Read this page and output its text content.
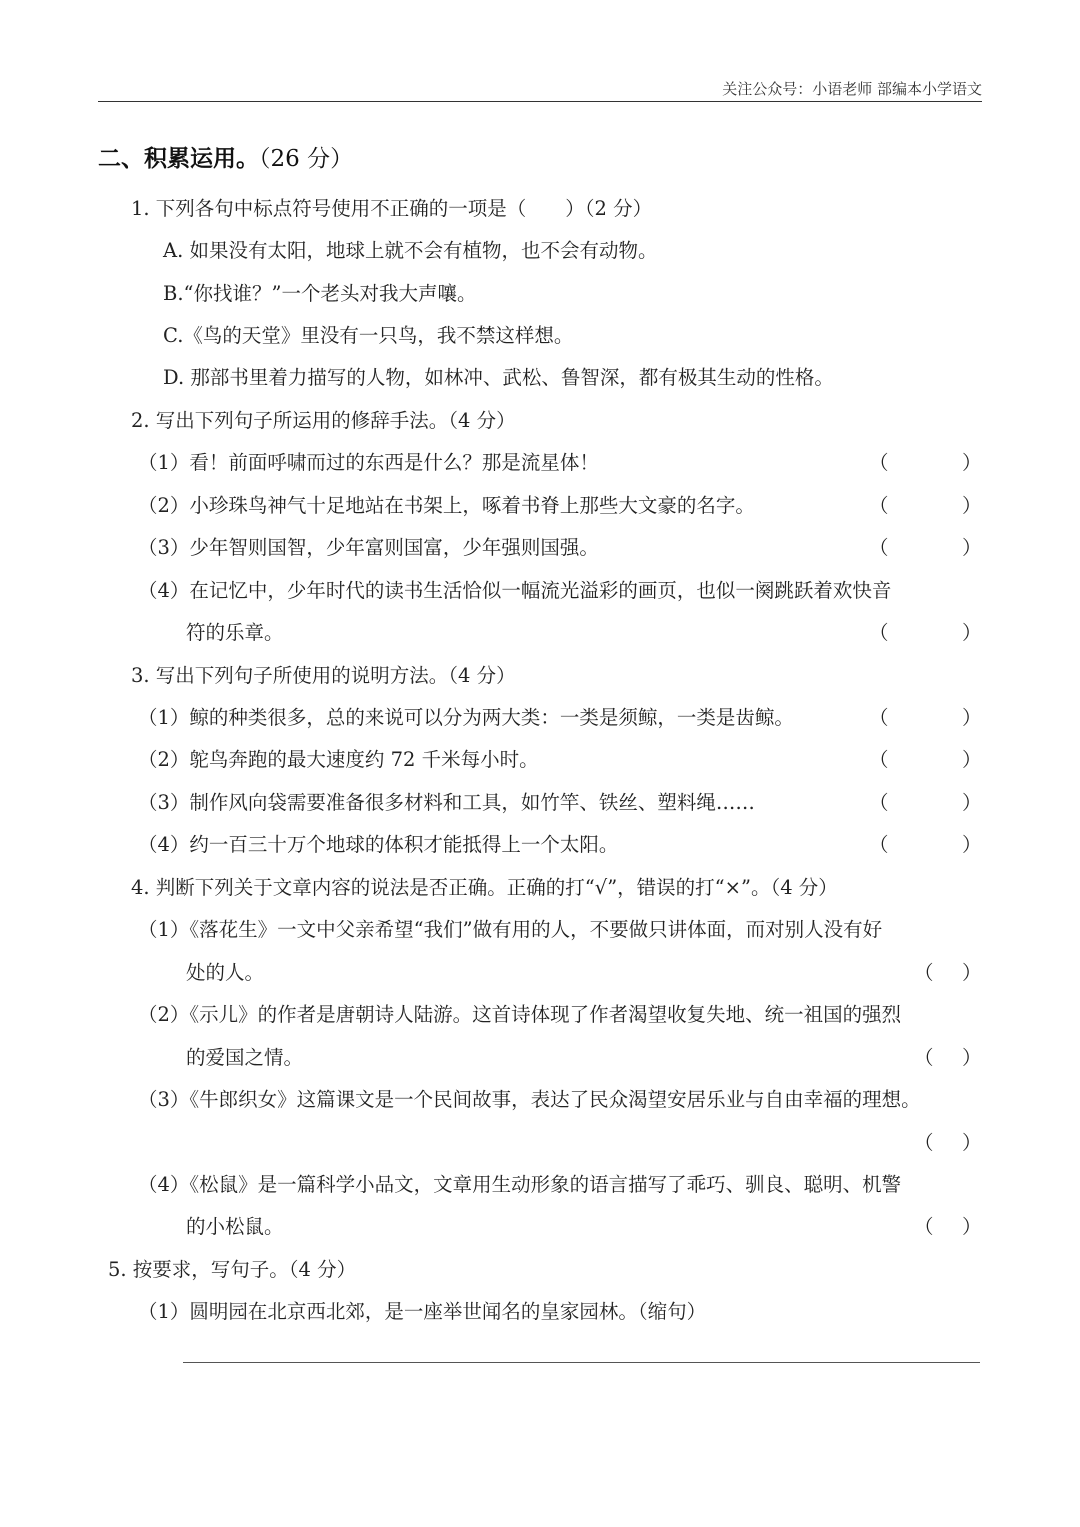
关注公众号：小语老师 部编本小学语文
二、积累运用。（26 分）
1. 下列各句中标点符号使用不正确的一项是（　　）（2 分）
A. 如果没有太阳，地球上就不会有植物，也不会有动物。
B.“你找谁？”一个老头对我大声嚷。
C.《鸟的天堂》里没有一只鸟，我不禁这样想。
D. 那部书里着力描写的人物，如林冲、武松、鲁智深，都有极其生动的性格。
2. 写出下列句子所运用的修辞手法。（4 分）
（1）看！前面呼啸而过的东西是什么？那是流星体！	（	）
（2）小珍珠鸟神气十足地站在书架上，啄着书脊上那些大文豪的名字。	（	）
（3）少年智则国智，少年富则国富，少年强则国强。	（	）
（4）在记忆中，少年时代的读书生活恰似一幅流光溢彩的画页，也似一阕跳跃着欢快音
符的乐章。	（	）
3. 写出下列句子所使用的说明方法。（4 分）
（1）鲸的种类很多，总的来说可以分为两大类：一类是须鲸，一类是齿鲸。	（	）
（2）鸵鸟奔跑的最大速度约 72 千米每小时。	（	）
（3）制作风向袋需要准备很多材料和工具，如竹竿、铁丝、塑料绳……	（	）
（4）约一百三十万个地球的体积才能抵得上一个太阳。	（	）
4. 判断下列关于文章内容的说法是否正确。正确的打“√”，错误的打“×”。（4 分）
（1）《落花生》一文中父亲希望“我们”做有用的人，不要做只讲体面，而对别人没有好
处的人。	（ ）
（2）《示儿》的作者是唐朝诗人陆游。这首诗体现了作者渴望收复失地、统一祖国的强烈
的爱国之情。	（ ）
（3）《牛郎织女》这篇课文是一个民间故事，表达了民众渴望安居乐业与自由幸福的理想。
（ ）
（4）《松鼠》是一篇科学小品文，文章用生动形象的语言描写了乖巧、驯良、聪明、机警
的小松鼠。	（ ）
5. 按要求，写句子。（4 分）
（1）圆明园在北京西北郊，是一座举世闻名的皇家园林。（缩句）
